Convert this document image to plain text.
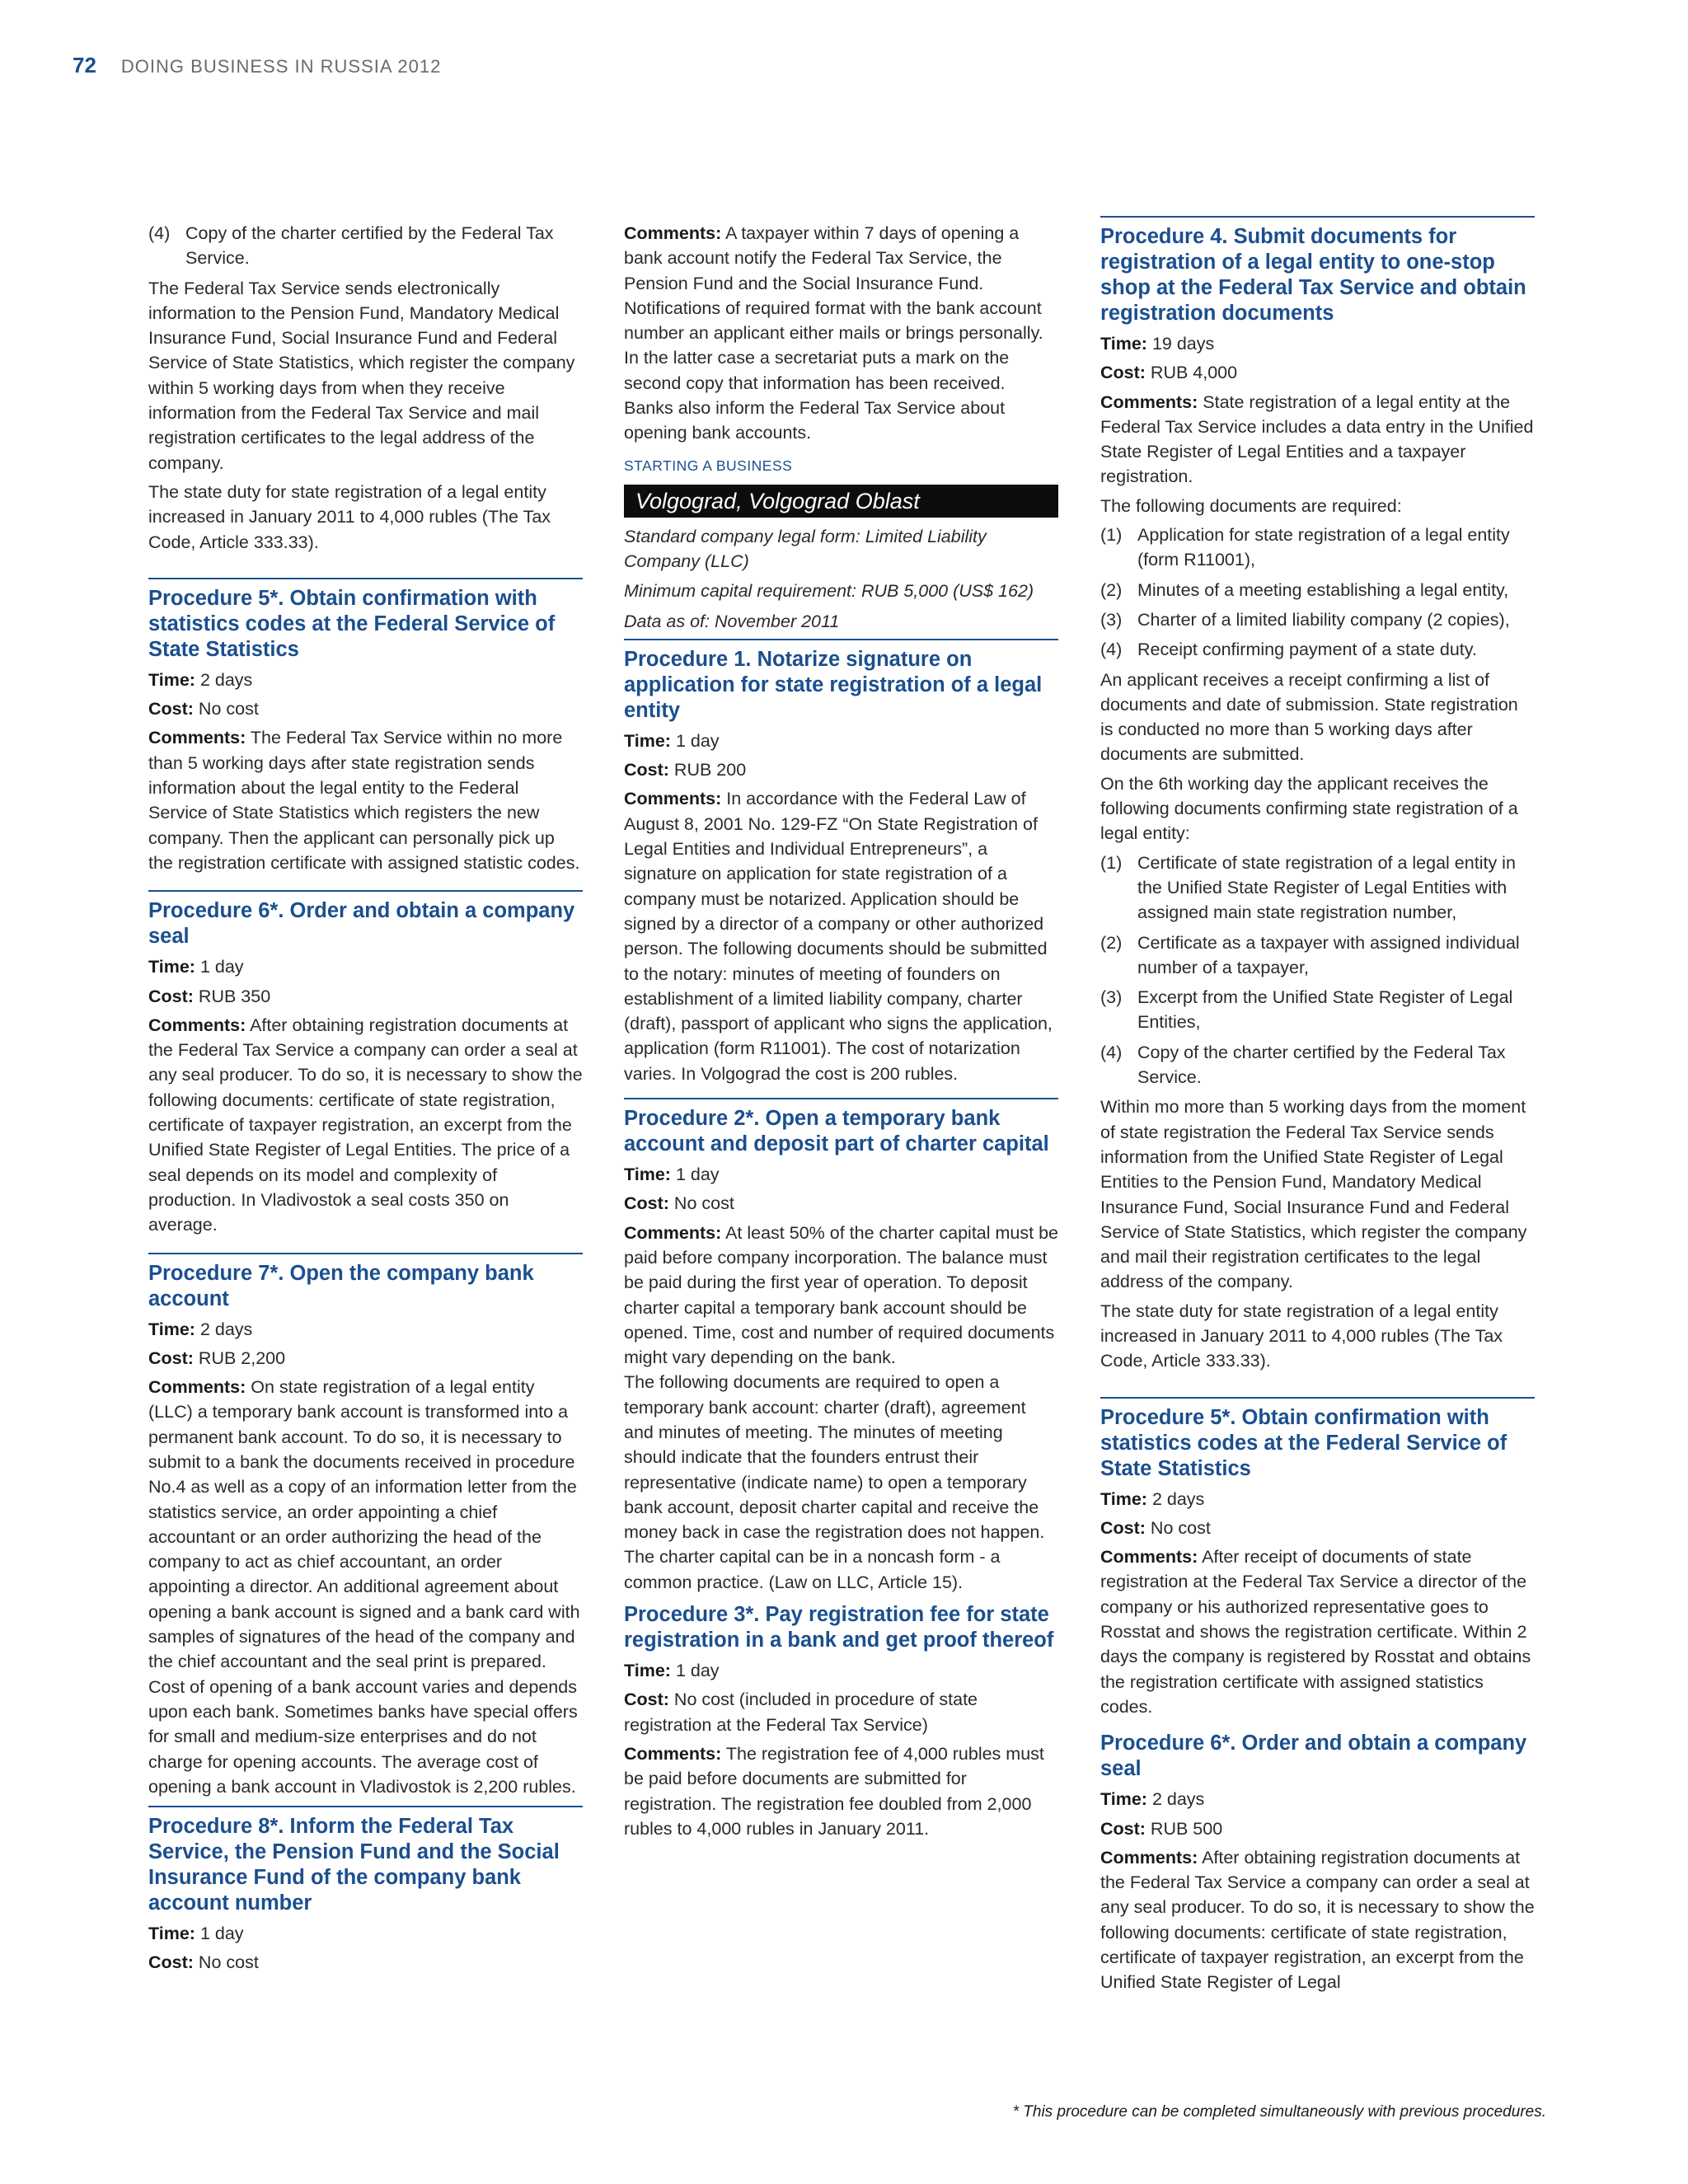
72 DOING BUSINESS IN RUSSIA 2012
(4) Copy of the charter certified by the Federal Tax Service.

The Federal Tax Service sends electronically information to the Pension Fund, Mandatory Medical Insurance Fund, Social Insurance Fund and Federal Service of State Statistics, which register the company within 5 working days from when they receive information from the Federal Tax Service and mail registration certificates to the legal address of the company.

The state duty for state registration of a legal entity increased in January 2011 to 4,000 rubles (The Tax Code, Article 333.33).

Procedure 5*. Obtain confirmation with statistics codes at the Federal Service of State Statistics

Time: 2 days

Cost: No cost

Comments: The Federal Tax Service within no more than 5 working days after state registration sends information about the legal entity to the Federal Service of State Statistics which registers the new company. Then the applicant can personally pick up the registration certificate with assigned statistic codes.

Procedure 6*. Order and obtain a company seal

Time: 1 day

Cost: RUB 350

Comments: After obtaining registration documents at the Federal Tax Service a company can order a seal at any seal producer. To do so, it is necessary to show the following documents: certificate of state registration, certificate of taxpayer registration, an excerpt from the Unified State Register of Legal Entities. The price of a seal depends on its model and complexity of production. In Vladivostok a seal costs 350 on average.

Procedure 7*. Open the company bank account

Time: 2 days

Cost: RUB 2,200

Comments: On state registration of a legal entity (LLC) a temporary bank account is transformed into a permanent bank account. To do so, it is necessary to submit to a bank the documents received in procedure No.4 as well as a copy of an information letter from the statistics service, an order appointing a chief accountant or an order authorizing the head of the company to act as chief accountant, an order appointing a director. An additional agreement about opening a bank account is signed and a bank card with samples of signatures of the head of the company and the chief accountant and the seal print is prepared. Cost of opening of a bank account varies and depends upon each bank. Sometimes banks have special offers for small and medium-size enterprises and do not charge for opening accounts. The average cost of opening a bank account in Vladivostok is 2,200 rubles.

Procedure 8*. Inform the Federal Tax Service, the Pension Fund and the Social Insurance Fund of the company bank account number

Time: 1 day

Cost: No cost

Comments: A taxpayer within 7 days of opening a bank account notify the Federal Tax Service, the Pension Fund and the Social Insurance Fund. Notifications of required format with the bank account number an applicant either mails or brings personally. In the latter case a secretariat puts a mark on the second copy that information has been received. Banks also inform the Federal Tax Service about opening bank accounts.

STARTING A BUSINESS
Volgograd, Volgograd Oblast
Standard company legal form: Limited Liability Company (LLC)
Minimum capital requirement: RUB 5,000 (US$ 162)
Data as of: November 2011
Procedure 1. Notarize signature on application for state registration of a legal entity

Time: 1 day

Cost: RUB 200

Comments: In accordance with the Federal Law of August 8, 2001 No. 129-FZ “On State Registration of Legal Entities and Individual Entrepreneurs”, a signature on application for state registration of a company must be notarized. Application should be signed by a director of a company or other authorized person. The following documents should be submitted to the notary: minutes of meeting of founders on establishment of a limited liability company, charter (draft), passport of applicant who signs the application, application (form R11001). The cost of notarization varies. In Volgograd the cost is 200 rubles.

Procedure 2*. Open a temporary bank account and deposit part of charter capital

Time: 1 day

Cost: No cost

Comments: At least 50% of the charter capital must be paid before company incorporation. The balance must be paid during the first year of operation. To deposit charter capital a temporary bank account should be opened. Time, cost and number of required documents might vary depending on the bank.

The following documents are required to open a temporary bank account: charter (draft), agreement and minutes of meeting. The minutes of meeting should indicate that the founders entrust their representative (indicate name) to open a temporary bank account, deposit charter capital and receive the money back in case the registration does not happen. The charter capital can be in a noncash form - a common practice. (Law on LLC, Article 15).

Procedure 3*. Pay registration fee for state registration in a bank and get proof thereof

Time: 1 day

Cost: No cost (included in procedure of state registration at the Federal Tax Service)

Comments: The registration fee of 4,000 rubles must be paid before documents are submitted for registration. The registration fee doubled from 2,000 rubles to 4,000 rubles in January 2011.

Procedure 4. Submit documents for registration of a legal entity to one-stop shop at the Federal Tax Service and obtain registration documents

Time: 19 days

Cost: RUB 4,000

Comments: State registration of a legal entity at the Federal Tax Service includes a data entry in the Unified State Register of Legal Entities and a taxpayer registration.

The following documents are required:

(1) Application for state registration of a legal entity (form R11001),
(2) Minutes of a meeting establishing a legal entity,
(3) Charter of a limited liability company (2 copies),
(4) Receipt confirming payment of a state duty.

An applicant receives a receipt confirming a list of documents and date of submission. State registration is conducted no more than 5 working days after documents are submitted.

On the 6th working day the applicant receives the following documents confirming state registration of a legal entity:

(1) Certificate of state registration of a legal entity in the Unified State Register of Legal Entities with assigned main state registration number,
(2) Certificate as a taxpayer with assigned individual number of a taxpayer,
(3) Excerpt from the Unified State Register of Legal Entities,
(4) Copy of the charter certified by the Federal Tax Service.

Within mo more than 5 working days from the moment of state registration the Federal Tax Service sends information from the Unified State Register of Legal Entities to the Pension Fund, Mandatory Medical Insurance Fund, Social Insurance Fund and Federal Service of State Statistics, which register the company and mail their registration certificates to the legal address of the company.

The state duty for state registration of a legal entity increased in January 2011 to 4,000 rubles (The Tax Code, Article 333.33).

Procedure 5*. Obtain confirmation with statistics codes at the Federal Service of State Statistics

Time: 2 days

Cost: No cost

Comments: After receipt of documents of state registration at the Federal Tax Service a director of the company or his authorized representative goes to Rosstat and shows the registration certificate. Within 2 days the company is registered by Rosstat and obtains the registration certificate with assigned statistics codes.

Procedure 6*. Order and obtain a company seal

Time: 2 days

Cost: RUB 500

Comments: After obtaining registration documents at the Federal Tax Service a company can order a seal at any seal producer. To do so, it is necessary to show the following documents: certificate of state registration, certificate of taxpayer registration, an excerpt from the Unified State Register of Legal

* This procedure can be completed simultaneously with previous procedures.
